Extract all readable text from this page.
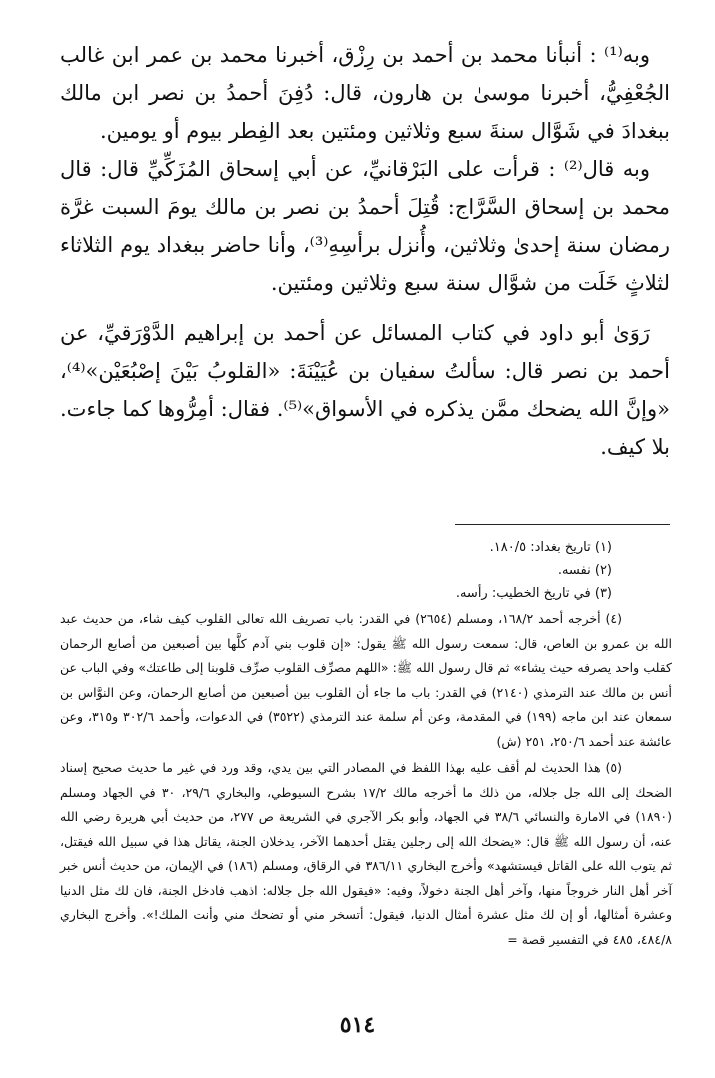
وبه⁽¹⁾ : أنبأنا محمد بن أحمد بن رِزْق، أخبرنا محمد بن عمر ابن غالب الجُعْفِيُّ، أخبرنا موسىٰ بن هارون، قال: دُفِنَ أحمدُ بن نصر ابن مالك ببغدادَ في شَوَّال سنةَ سبع وثلاثين ومئتين بعد الفِطر بيوم أو يومين.

وبه قال⁽²⁾ : قرأت على البَرْقانيِّ، عن أبي إسحاق المُزَكِّيِّ قال: قال محمد بن إسحاق السَّرَّاج: قُتِلَ أحمدُ بن نصر بن مالك يومَ السبت غرَّة رمضان سنة إحدىٰ وثلاثين، وأُنزل برأسِهِ⁽³⁾، وأنا حاضر ببغداد يوم الثلاثاء لثلاثٍ خَلَت من شوَّال سنة سبع وثلاثين ومئتين.

رَوَىٰ أبو داود في كتاب المسائل عن أحمد بن إبراهيم الدَّوْرَقيِّ، عن أحمد بن نصر قال: سألتُ سفيان بن عُيَيْنَةَ: «القلوبُ بَيْنَ إصْبُعَيْن»⁽⁴⁾، «وإنَّ الله يضحك ممَّن يذكره في الأسواق»⁽⁵⁾. فقال: أمِرُّوها كما جاءت. بلا كيف.

(١) تاريخ بغداد: ١٨٠/٥.

(٢) نفسه.

(٣) في تاريخ الخطيب: رأسه.

(٤) أخرجه أحمد ١٦٨/٢، ومسلم (٢٦٥٤) في القدر: باب تصريف الله تعالى القلوب كيف شاء، من حديث عبد الله بن عمرو بن العاص، قال: سمعت رسول الله ﷺ يقول: «إن قلوب بني آدم كلَّها بين أصبعين من أصابع الرحمان كقلب واحد يصرفه حيث يشاء» ثم قال رسول الله ﷺ: «اللهم مصرِّف القلوب صرِّف قلوبنا إلى طاعتك» وفي الباب عن أنس بن مالك عند الترمذي (٢١٤٠) في القدر: باب ما جاء أن القلوب بين أصبعين من أصابع الرحمان، وعن النوَّاس بن سمعان عند ابن ماجه (١٩٩) في المقدمة، وعن أم سلمة عند الترمذي (٣٥٢٢) في الدعوات، وأحمد ٣٠٢/٦ و٣١٥، وعن عائشة عند أحمد ٢٥٠/٦، ٢٥١ (ش)

(٥) هذا الحديث لم أقف عليه بهذا اللفظ في المصادر التي بين يدي، وقد ورد في غير ما حديث صحيح إسناد الضحك إلى الله جل جلاله، من ذلك ما أخرجه مالك ١٧/٢ بشرح السيوطي، والبخاري ٢٩/٦، ٣٠ في الجهاد ومسلم (١٨٩٠) في الامارة والنسائي ٣٨/٦ في الجهاد، وأبو بكر الآجري في الشريعة ص ٢٧٧، من حديث أبي هريرة رضي الله عنه، أن رسول الله ﷺ قال: «يضحك الله إلى رجلين يقتل أحدهما الآخر، يدخلان الجنة، يقاتل هذا في سبيل الله فيقتل، ثم يتوب الله على القاتل فيستشهد» وأخرج البخاري ٣٨٦/١١ في الرقاق، ومسلم (١٨٦) في الإيمان، من حديث أنس خبر آخر أهل النار خروجاً منها، وآخر أهل الجنة دخولاً، وفيه: «فيقول الله جل جلاله: اذهب فادخل الجنة، فان لك مثل الدنيا وعشرة أمثالها، أو إن لك مثل عشرة أمثال الدنيا، فيقول: أتسخر مني أو تضحك مني وأنت الملك!». وأخرج البخاري ٤٨٤/٨، ٤٨٥ في التفسير قصة =

٥١٤
